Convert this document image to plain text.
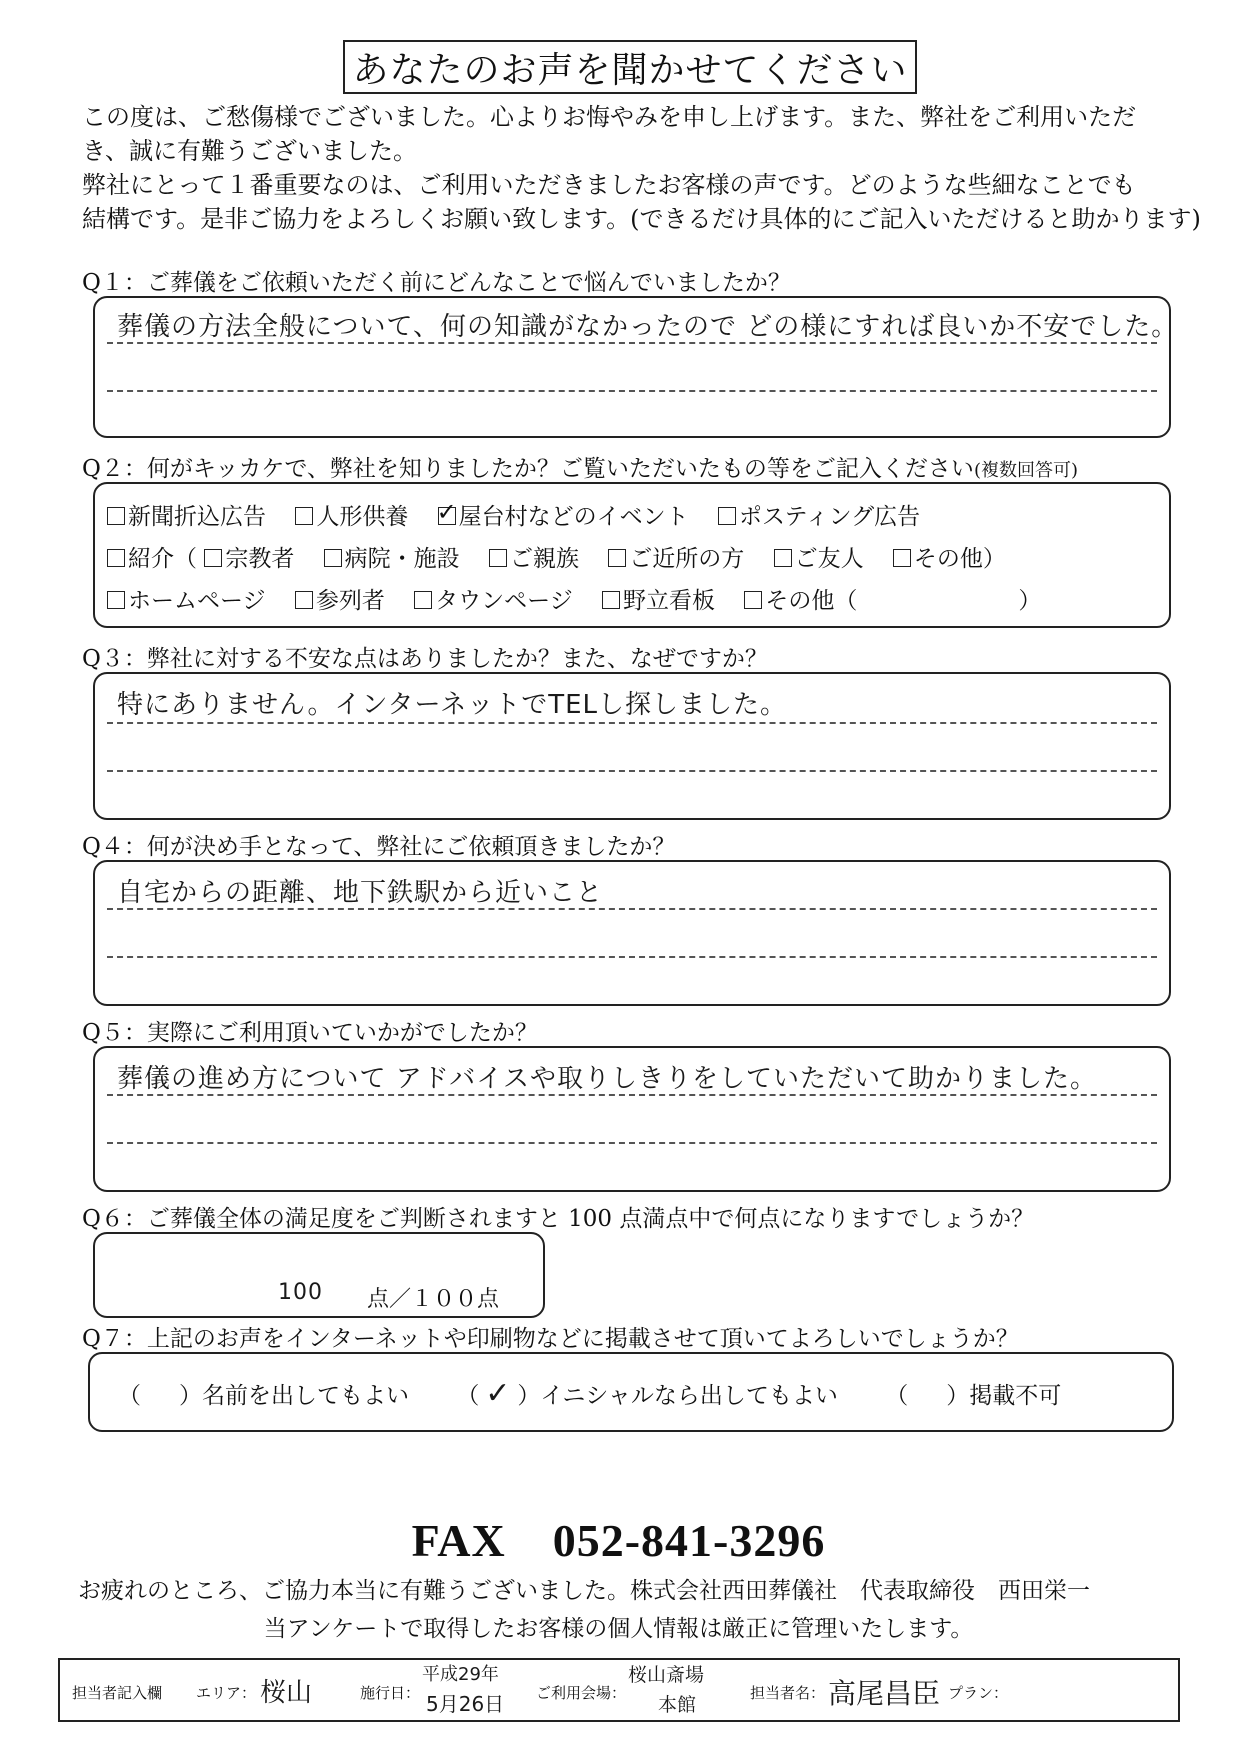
あなたのお声を聞かせてください
この度は、ご愁傷様でございました。心よりお悔やみを申し上げます。また、弊社をご利用いただ
き、誠に有難うございました。
弊社にとって１番重要なのは、ご利用いただきましたお客様の声です。どのような些細なことでも
結構です。是非ご協力をよろしくお願い致します。(できるだけ具体的にご記入いただけると助かります)
Q１：ご葬儀をご依頼いただく前にどんなことで悩んでいましたか？
葬儀の方法全般について、何の知識がなかったので どの様にすれば良いか不安でした。
Q２：何がキッカケで、弊社を知りましたか？ご覧いただいたもの等をご記入ください(複数回答可)
新聞折込広告 人形供養 ✓ 屋台村などのイベント ポスティング広告
紹介（ 宗教者 病院・施設 ご親族 ご近所の方 ご友人 その他）
ホームページ 参列者 タウンページ 野立看板 その他（　　　　　　　）
Q３：弊社に対する不安な点はありましたか？また、なぜですか？
特にありません。インターネットでTELし探しました。
Q４：何が決め手となって、弊社にご依頼頂きましたか？
自宅からの距離、地下鉄駅から近いこと
Q５：実際にご利用頂いていかがでしたか？
葬儀の進め方について アドバイスや取りしきりをしていただいて助かりました。
Q６：ご葬儀全体の満足度をご判断されますと 100 点満点中で何点になりますでしょうか？
100 点／１００点
Q７：上記のお声をインターネットや印刷物などに掲載させて頂いてよろしいでしょうか？
（ ）名前を出してもよい （ ✓ ）イニシャルなら出してもよい （ ）掲載不可
FAX　052-841-3296
お疲れのところ、ご協力本当に有難うございました。株式会社西田葬儀社　代表取締役　西田栄一
当アンケートで取得したお客様の個人情報は厳正に管理いたします。
担当者記入欄 エリア： 桜山	施行日：
平成29年
5月26日 ご利用会場：
桜山斎場
本館
担当者名： 高尾昌臣 プラン：
